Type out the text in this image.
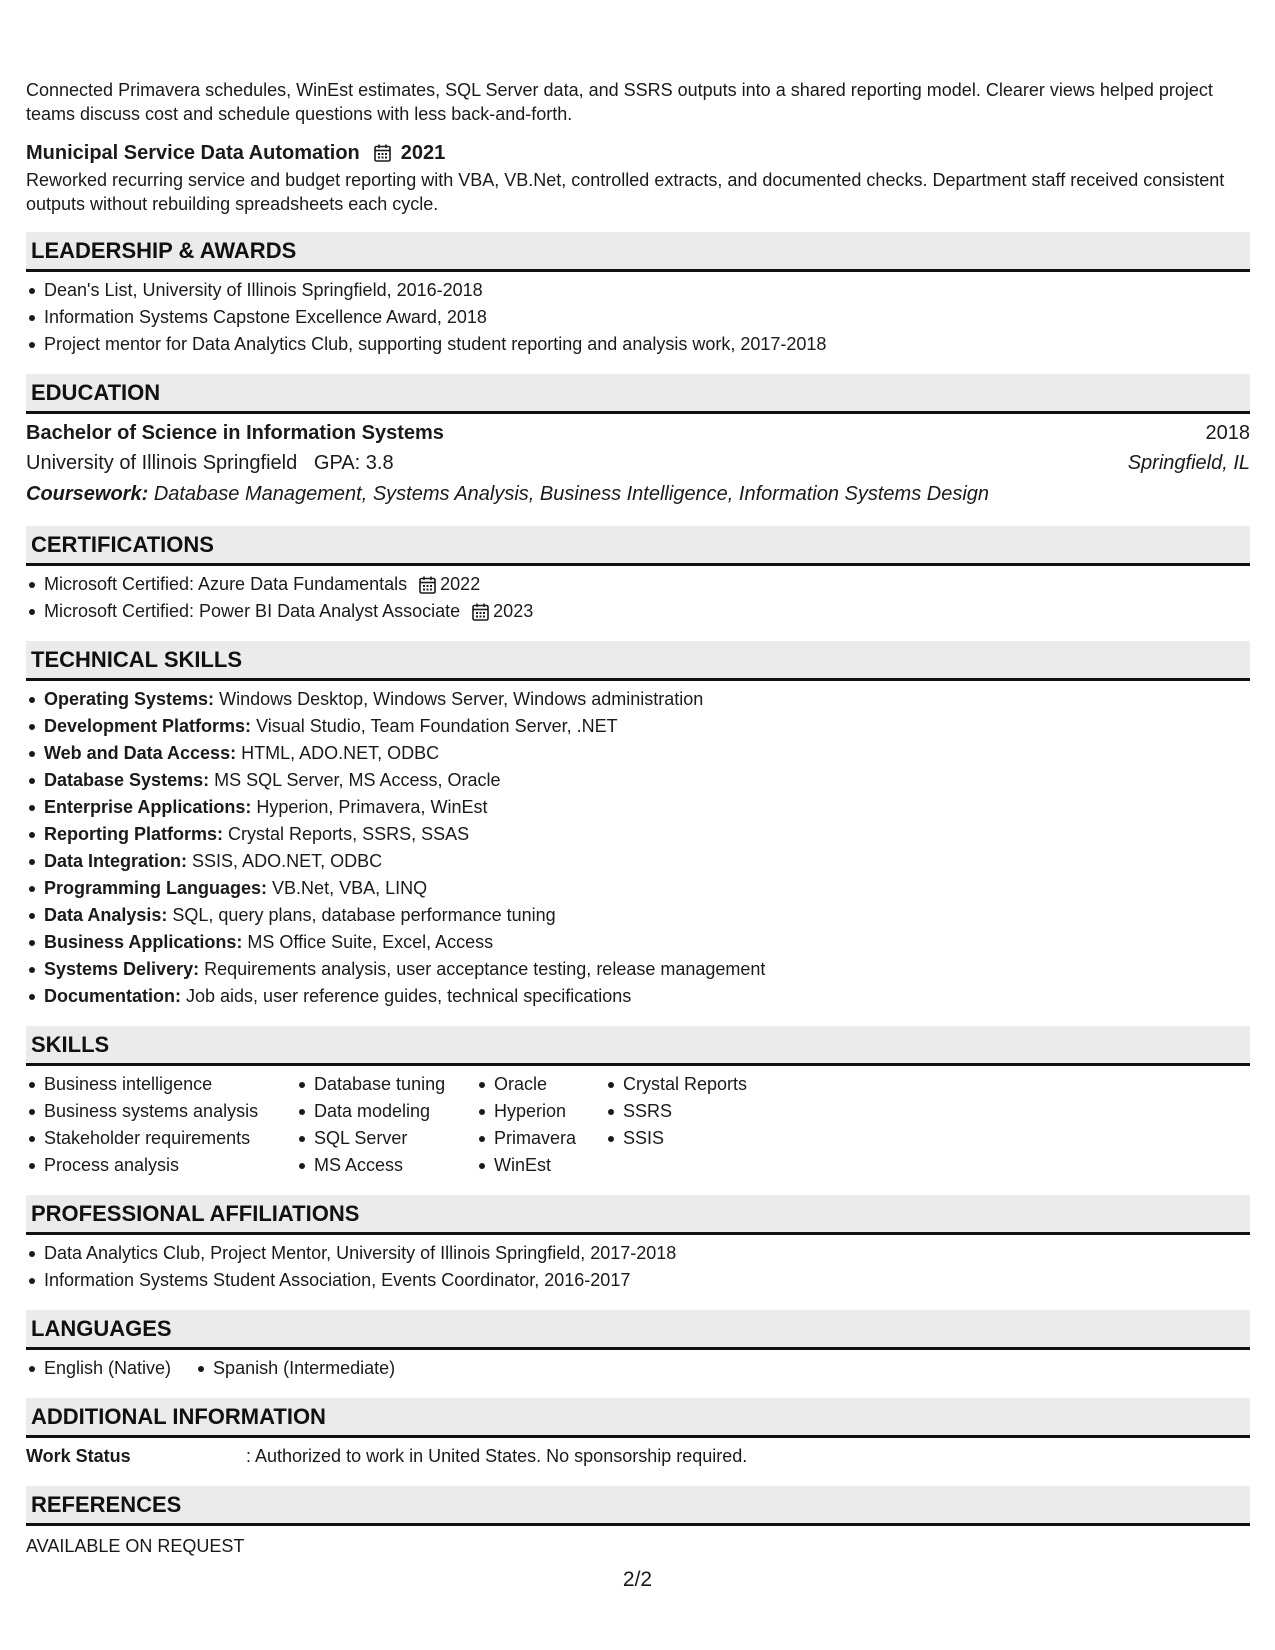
Connected Primavera schedules, WinEst estimates, SQL Server data, and SSRS outputs into a shared reporting model. Clearer views helped project teams discuss cost and schedule questions with less back-and-forth.

Municipal Service Data Automation 2021

Reworked recurring service and budget reporting with VBA, VB.Net, controlled extracts, and documented checks. Department staff received consistent outputs without rebuilding spreadsheets each cycle.

LEADERSHIP & AWARDS
Dean's List, University of Illinois Springfield, 2016-2018
Information Systems Capstone Excellence Award, 2018
Project mentor for Data Analytics Club, supporting student reporting and analysis work, 2017-2018
EDUCATION
Bachelor of Science in Information Systems	2018
University of Illinois Springfield GPA: 3.8	Springfield, IL
Coursework: Database Management, Systems Analysis, Business Intelligence, Information Systems Design
CERTIFICATIONS
Microsoft Certified: Azure Data Fundamentals 2022
Microsoft Certified: Power BI Data Analyst Associate 2023
TECHNICAL SKILLS
Operating Systems: Windows Desktop, Windows Server, Windows administration
Development Platforms: Visual Studio, Team Foundation Server, .NET
Web and Data Access: HTML, ADO.NET, ODBC
Database Systems: MS SQL Server, MS Access, Oracle
Enterprise Applications: Hyperion, Primavera, WinEst
Reporting Platforms: Crystal Reports, SSRS, SSAS
Data Integration: SSIS, ADO.NET, ODBC
Programming Languages: VB.Net, VBA, LINQ
Data Analysis: SQL, query plans, database performance tuning
Business Applications: MS Office Suite, Excel, Access
Systems Delivery: Requirements analysis, user acceptance testing, release management
Documentation: Job aids, user reference guides, technical specifications
SKILLS
Business intelligence
Business systems analysis
Stakeholder requirements
Process analysis
Database tuning
Data modeling
SQL Server
MS Access
Oracle
Hyperion
Primavera
WinEst
Crystal Reports
SSRS
SSIS
PROFESSIONAL AFFILIATIONS
Data Analytics Club, Project Mentor, University of Illinois Springfield, 2017-2018
Information Systems Student Association, Events Coordinator, 2016-2017
LANGUAGES
English (Native)	Spanish (Intermediate)
ADDITIONAL INFORMATION
Work Status	: Authorized to work in United States. No sponsorship required.
REFERENCES
AVAILABLE ON REQUEST
2/2
